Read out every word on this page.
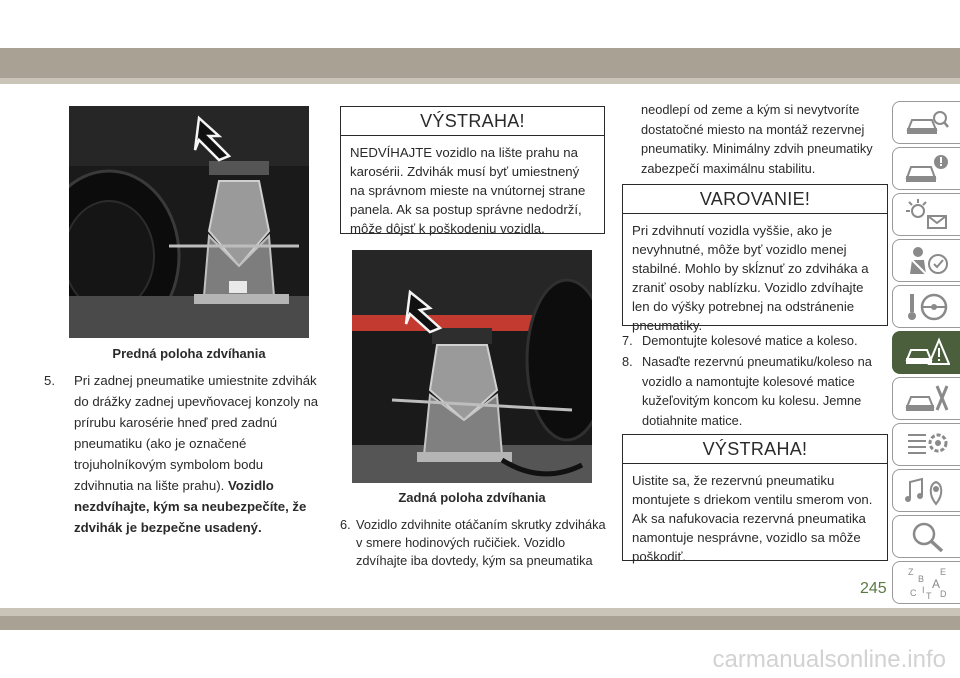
Predná poloha zdvíhania
5.	Pri zadnej pneumatike umiestnite zdvihák do drážky zadnej upevňovacej konzoly na prírubu karosérie hneď pred zadnú pneumatiku (ako je označené trojuholníkovým symbolom bodu zdvihnutia na lište prahu). Vozidlo nezdvíhajte, kým sa neubezpečíte, že zdvihák je bezpečne usadený.
VÝSTRAHA!
NEDVÍHAJTE vozidlo na lište prahu na karosérii. Zdvihák musí byť umiestnený na správnom mieste na vnútornej strane panela. Ak sa postup správne nedodrží, môže dôjsť k poškodeniu vozidla.
Zadná poloha zdvíhania
6. Vozidlo zdvihnite otáčaním skrutky zdviháka v smere hodinových ručičiek. Vozidlo zdvíhajte iba dovtedy, kým sa pneumatika
neodlepí od zeme a kým si nevytvoríte dostatočné miesto na montáž rezervnej pneumatiky. Minimálny zdvih pneumatiky zabezpečí maximálnu stabilitu.
VAROVANIE!
Pri zdvihnutí vozidla vyššie, ako je nevyhnutné, môže byť vozidlo menej stabilné. Mohlo by skĺznuť zo zdviháka a zraniť osoby nablízku. Vozidlo zdvíhajte len do výšky potrebnej na odstránenie pneumatiky.
7. Demontujte kolesové matice a koleso.
8. Nasaďte rezervnú pneumatiku/koleso na vozidlo a namontujte kolesové matice kužeľovitým koncom ku kolesu. Jemne dotiahnite matice.
VÝSTRAHA!
Uistite sa, že rezervnú pneumatiku montujete s driekom ventilu smerom von. Ak sa nafukovacia rezervná pneumatika namontuje nesprávne, vozidlo sa môže poškodiť.
Z
B
E
C
A
I
T D
245
carmanualsonline.info
